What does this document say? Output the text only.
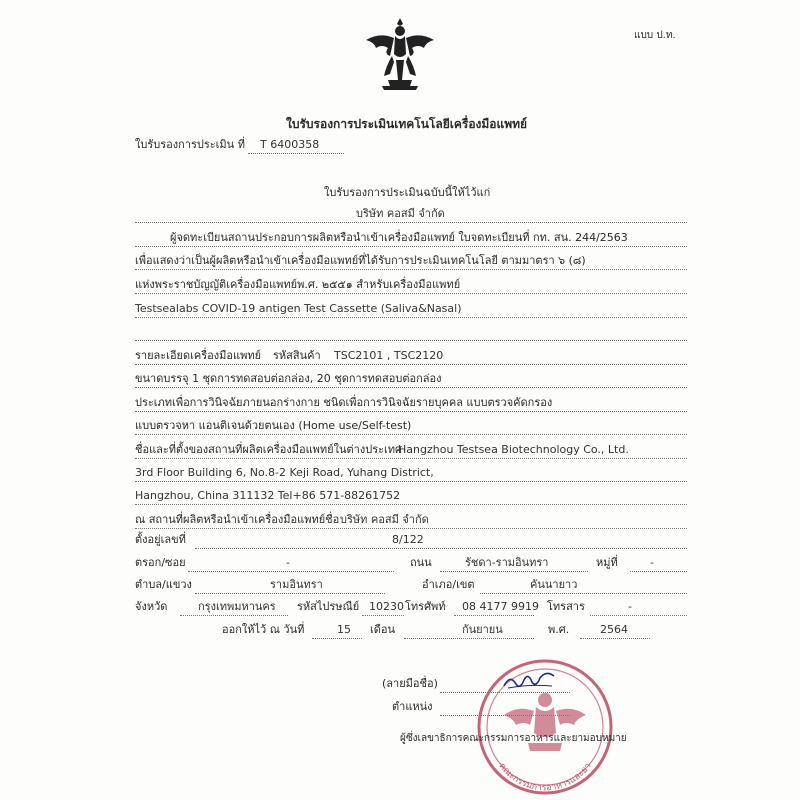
แบบ ป.ท.
ใบรับรองการประเมินเทคโนโลยีเครื่องมือแพทย์
ใบรับรองการประเมิน ที่ T 6400358
ใบรับรองการประเมินฉบับนี้ให้ไว้แก่
บริษัท คอสมี จำกัด
ผู้จดทะเบียนสถานประกอบการผลิตหรือนำเข้าเครื่องมือแพทย์ ใบจดทะเบียนที่ กท. สน. 244/2563
เพื่อแสดงว่าเป็นผู้ผลิตหรือนำเข้าเครื่องมือแพทย์ที่ได้รับการประเมินเทคโนโลยี ตามมาตรา ๖ (๘)
แห่งพระราชบัญญัติเครื่องมือแพทย์พ.ศ. ๒๕๕๑ สำหรับเครื่องมือแพทย์
Testsealabs COVID-19 antigen Test Cassette (Saliva&Nasal)
รายละเอียดเครื่องมือแพทย์ รหัสสินค้า TSC2101 , TSC2120
ขนาดบรรจุ 1 ชุดการทดสอบต่อกล่อง, 20 ชุดการทดสอบต่อกล่อง
ประเภทเพื่อการวินิจฉัยภายนอกร่างกาย ชนิดเพื่อการวินิจฉัยรายบุคคล แบบตรวจคัดกรอง
แบบตรวจหา แอนติเจนด้วยตนเอง (Home use/Self-test)
ชื่อและที่ตั้งของสถานที่ผลิตเครื่องมือแพทย์ในต่างประเทศ
Hangzhou Testsea Biotechnology Co., Ltd.
3rd Floor Building 6, No.8-2 Keji Road, Yuhang District,
Hangzhou, China 311132 Tel+86 571-88261752
ณ สถานที่ผลิตหรือนำเข้าเครื่องมือแพทย์ชื่อ บริษัท คอสมี จำกัด
ตั้งอยู่เลขที่	8/122
ตรอก/ซอย	-	ถนน	รัชดา-รามอินทรา	หมู่ที่	-
ตำบล/แขวง	รามอินทรา	อำเภอ/เขต	คันนายาว
จังหวัด	กรุงเทพมหานคร รหัสไปรษณีย์ 10230 โทรศัพท์ 08 4177 9919 โทรสาร	-
ออกให้ไว้ ณ วันที่	15 เดือน	กันยายน	พ.ศ.	2564
คณะกรรมการอาหารและยา
(ลายมือชื่อ)
ตำแหน่ง
ผู้ซึ่งเลขาธิการคณะกรรมการอาหารและยามอบหมาย
